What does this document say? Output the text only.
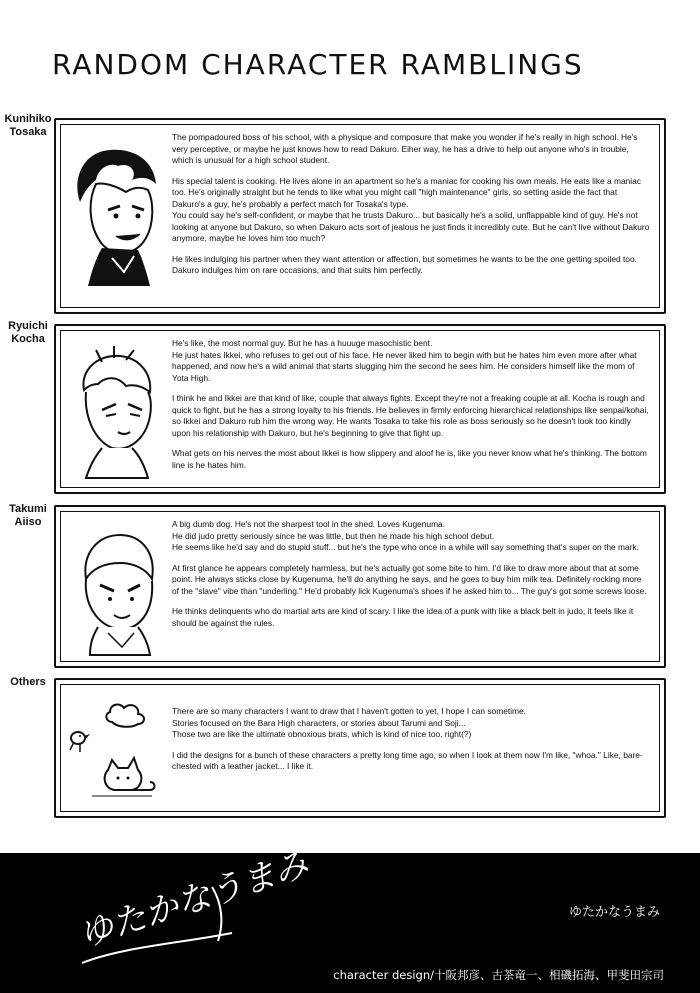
RANDOM CHARACTER RAMBLINGS
Kunihiko
Tosaka	The pompadoured boss of his school, with a physique and composure that make you wonder if he's really in high school. He's very perceptive, or maybe he just knows how to read Dakuro. Eiher way, he has a drive to help out anyone who's in trouble, which is unusual for a high school student.

His special talent is cooking. He lives alone in an apartment so he's a maniac for cooking his own meals. He eats like a maniac too. He's originally straight but he tends to like what you might call "high maintenance" girls, so setting aside the fact that Dakuro's a guy, he's probably a perfect match for Tosaka's type.
You could say he's self-confident, or maybe that he trusts Dakuro... but basically he's a solid, unflappable kind of guy. He's not looking at anyone but Dakuro, so when Dakuro acts sort of jealous he just finds it incredibly cute. But he can't live without Dakuro anymore, maybe he loves him too much?

He likes indulging his partner when they want attention or affection, but sometimes he wants to be the one getting spoiled too. Dakuro indulges him on rare occasions, and that suits him perfectly.

Ryuichi
Kocha	He's like, the most normal guy. But he has a huuuge masochistic bent.
He just hates Ikkei, who refuses to get out of his face. He never liked him to begin with but he hates him even more after what happened, and now he's a wild animal that starts slugging him the second he sees him. He considers himself like the mom of Yota High.

I think he and Ikkei are that kind of like, couple that always fights. Except they're not a freaking couple at all. Kocha is rough and quick to fight, but he has a strong loyalty to his friends. He believes in firmly enforcing hierarchical relationships like senpai/kohai, so Ikkei and Dakuro rub him the wrong way. He wants Tosaka to take his role as boss seriously so he doesn't look too kindly upon his relationship with Dakuro, but he's beginning to give that fight up.

What gets on his nerves the most about Ikkei is how slippery and aloof he is, like you never know what he's thinking. The bottom line is he hates him.

Takumi
Aiiso	A big dumb dog. He's not the sharpest tool in the shed. Loves Kugenuma.
He did judo pretty seriously since he was little, but then he made his high school debut.
He seems like he'd say and do stupid stuff... but he's the type who once in a while will say something that's super on the mark.

At first glance he appears completely harmless, but he's actually got some bite to him. I'd like to draw more about that at some point. He always sticks close by Kugenuma, he'll do anything he says, and he goes to buy him milk tea. Definitely rocking more of the "slave" vibe than "underling." He'd probably lick Kugenuma's shoes if he asked him to... The guy's got some screws loose.

He thinks delinquents who do martial arts are kind of scary. I like the idea of a punk with like a black belt in judo, it feels like it should be against the rules.

Others

There are so many characters I want to draw that I haven't gotten to yet, I hope I can sometime.
Stories focused on the Bara High characters, or stories about Tarumi and Soji...
Those two are like the ultimate obnoxious brats, which is kind of nice too, right(?)

I did the designs for a bunch of these characters a pretty long time ago, so when I look at them now I'm like, "whoa." Like, bare-chested with a leather jacket... I like it.

ゆたかなうまみ	ゆたかなうまみ
character design/十阪邦彦、古茶竜一、相磯拓海、甲斐田宗司
